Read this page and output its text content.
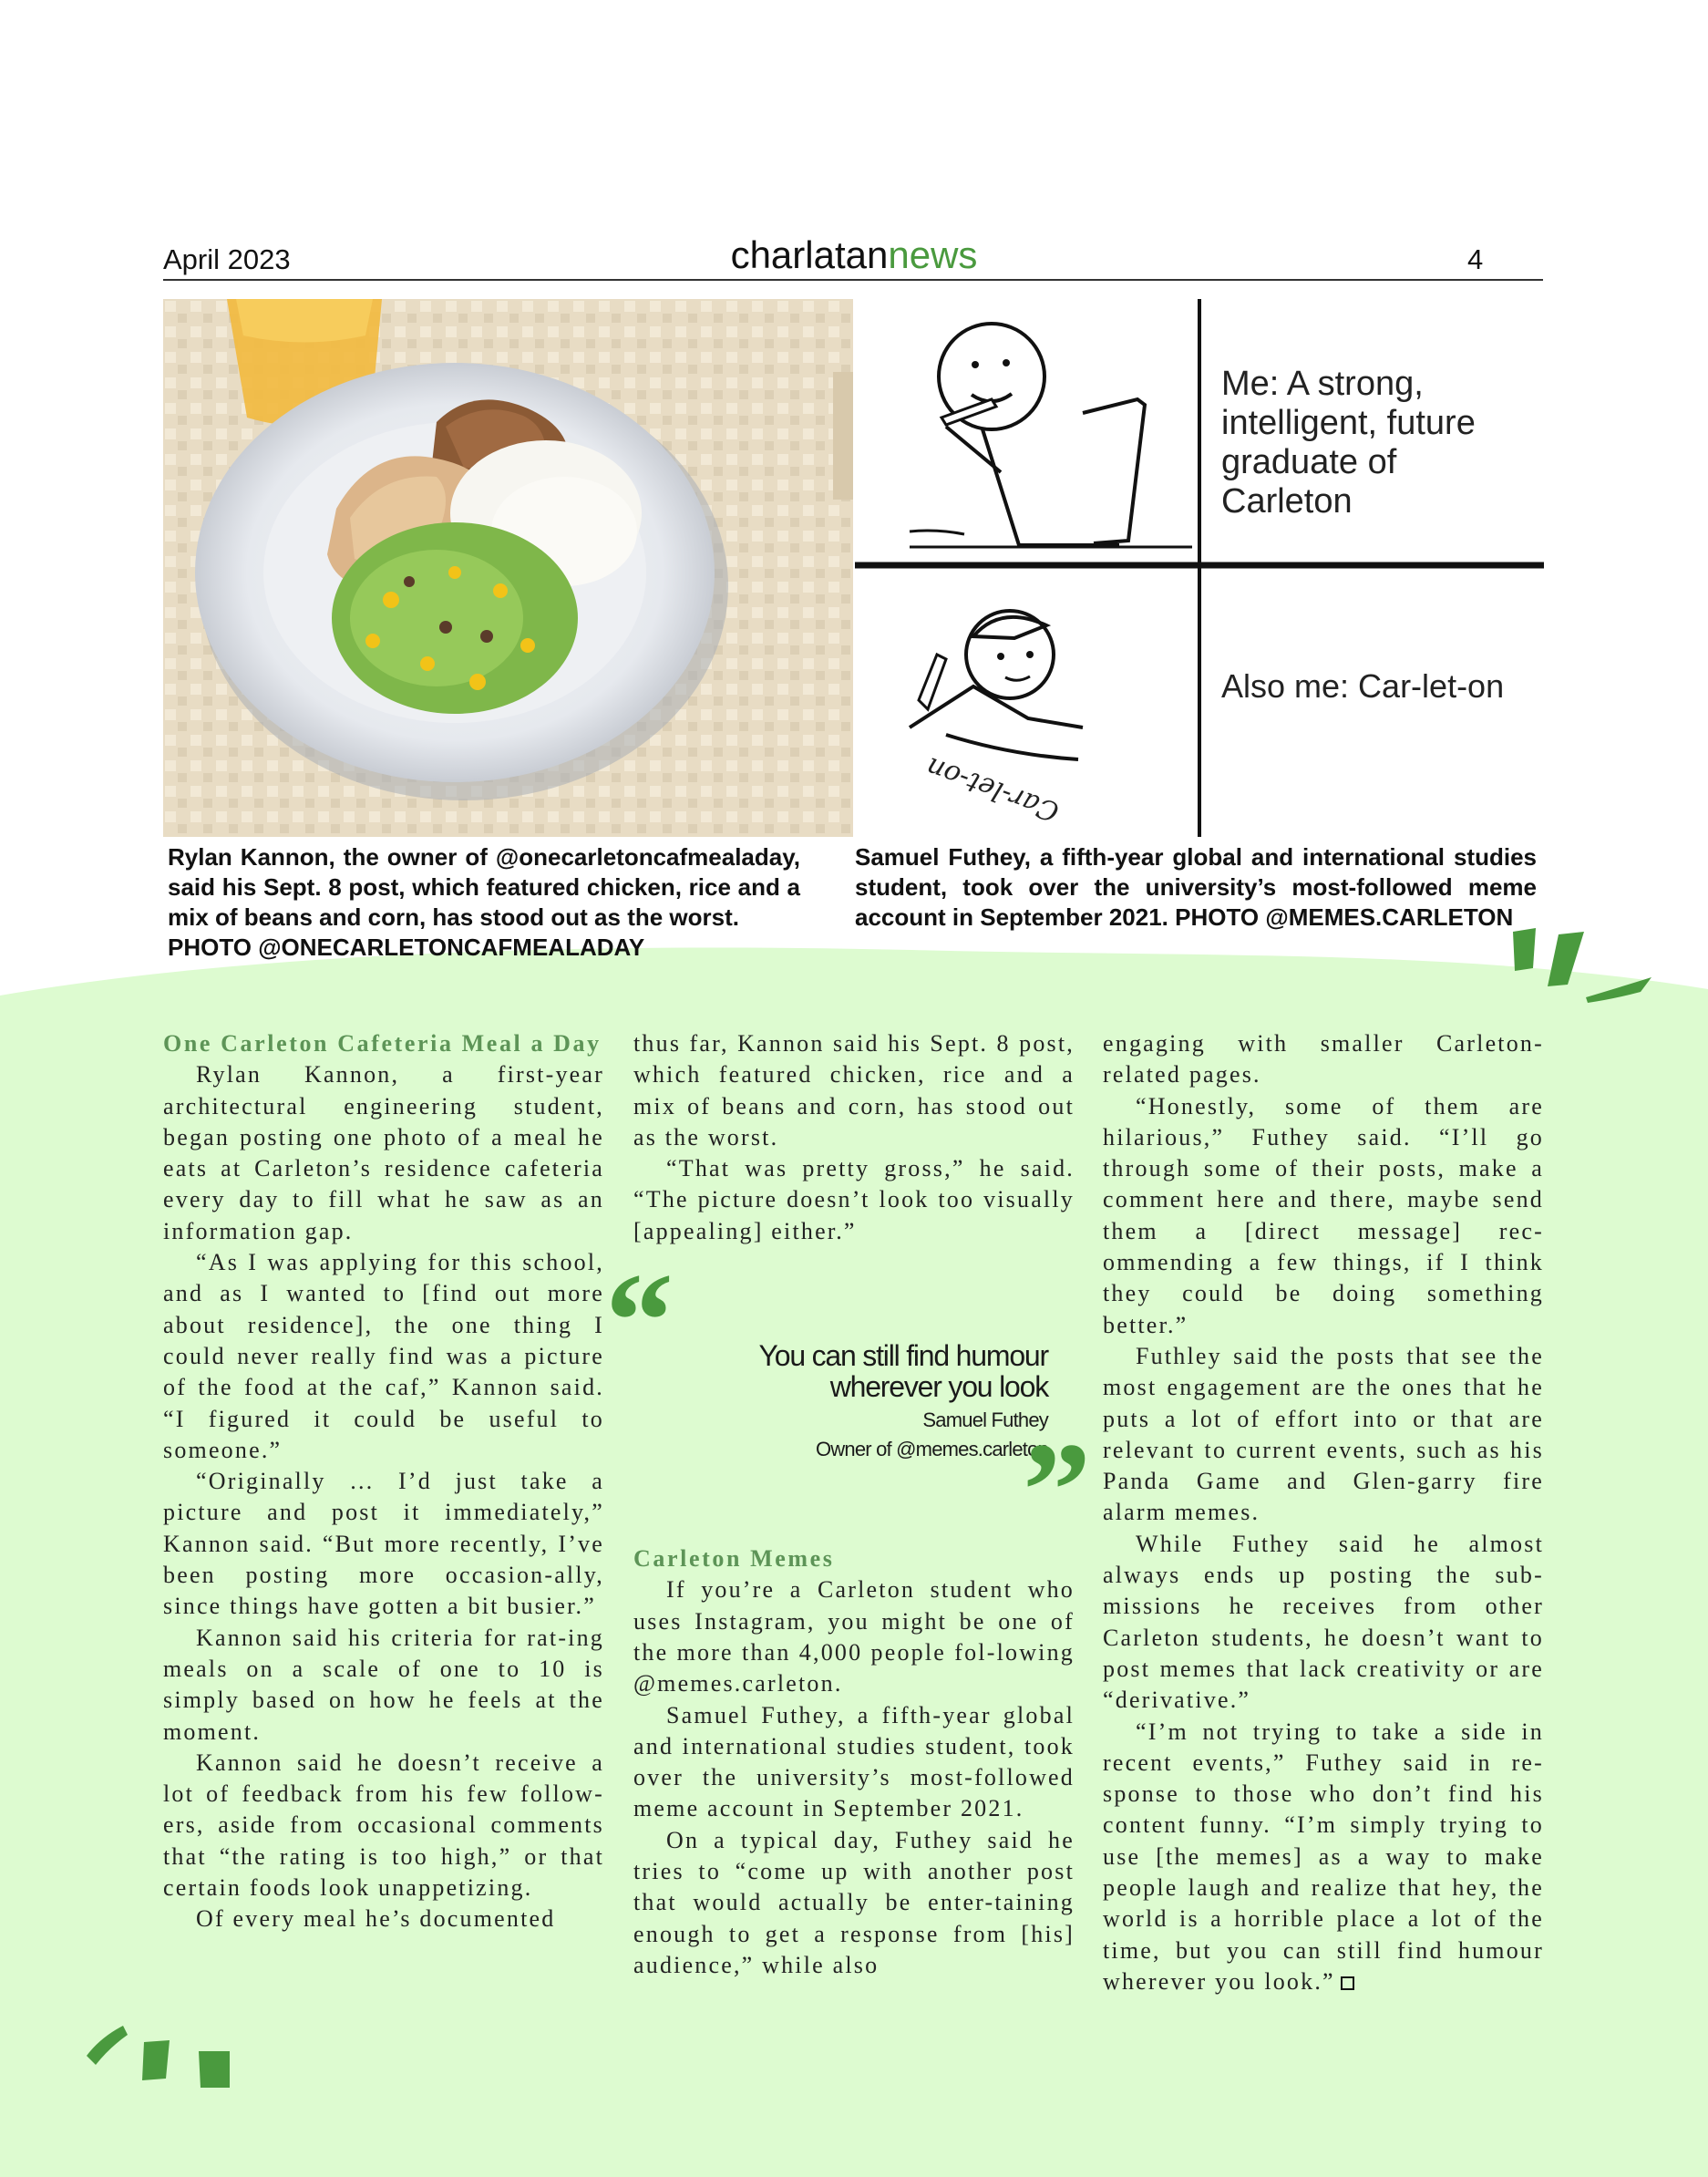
April 2023	charlatannews	4
Me: A strong, intelligent, future graduate of Carleton
Also me: Car-let-on
Car-let-on
Rylan Kannon, the owner of @onecarletoncafmealaday, said his Sept. 8 post, which featured chicken, rice and a mix of beans and corn, has stood out as the worst.
PHOTO @ONECARLETONCAFMEALADAY
Samuel Futhey, a fifth-year global and international studies student, took over the university’s most-followed meme account in September 2021. PHOTO @MEMES.CARLETON
One Carleton Cafeteria Meal a Day

Rylan Kannon, a first-year architectural engineering student, began posting one photo of a meal he eats at Carleton’s residence cafeteria every day to fill what he saw as an information gap.

“As I was applying for this school, and as I wanted to [find out more about residence], the one thing I could never really find was a picture of the food at the caf,” Kannon said. “I figured it could be useful to someone.”

“Originally … I’d just take a picture and post it immediately,” Kannon said. “But more recently, I’ve been posting more occasion-ally, since things have gotten a bit busier.”

Kannon said his criteria for rat-ing meals on a scale of one to 10 is simply based on how he feels at the moment.

Kannon said he doesn’t receive a lot of feedback from his few follow-ers, aside from occasional comments that “the rating is too high,” or that certain foods look unappetizing.

Of every meal he’s documented

thus far, Kannon said his Sept. 8 post, which featured chicken, rice and a mix of beans and corn, has stood out as the worst.

“That was pretty gross,” he said. “The picture doesn’t look too visually [appealing] either.”

Carleton Memes

If you’re a Carleton student who uses Instagram, you might be one of the more than 4,000 people fol-lowing @memes.carleton.

Samuel Futhey, a fifth-year global and international studies student, took over the university’s most-followed meme account in September 2021.

On a typical day, Futhey said he tries to “come up with another post that would actually be enter-taining enough to get a response from [his] audience,” while also

engaging with smaller Carleton-related pages.

“Honestly, some of them are hilarious,” Futhey said. “I’ll go through some of their posts, make a comment here and there, maybe send them a [direct message] rec-ommending a few things, if I think they could be doing something better.”

Futhley said the posts that see the most engagement are the ones that he puts a lot of effort into or that are relevant to current events, such as his Panda Game and Glen-garry fire alarm memes.

While Futhey said he almost always ends up posting the sub-missions he receives from other Carleton students, he doesn’t want to post memes that lack creativity or are “derivative.”

“I’m not trying to take a side in recent events,” Futhey said in re-sponse to those who don’t find his content funny. “I’m simply trying to use [the memes] as a way to make people laugh and realize that hey, the world is a horrible place a lot of the time, but you can still find humour wherever you look.”

“	You can still find humour wherever you look
Samuel Futhey
Owner of @memes.carleton
”
